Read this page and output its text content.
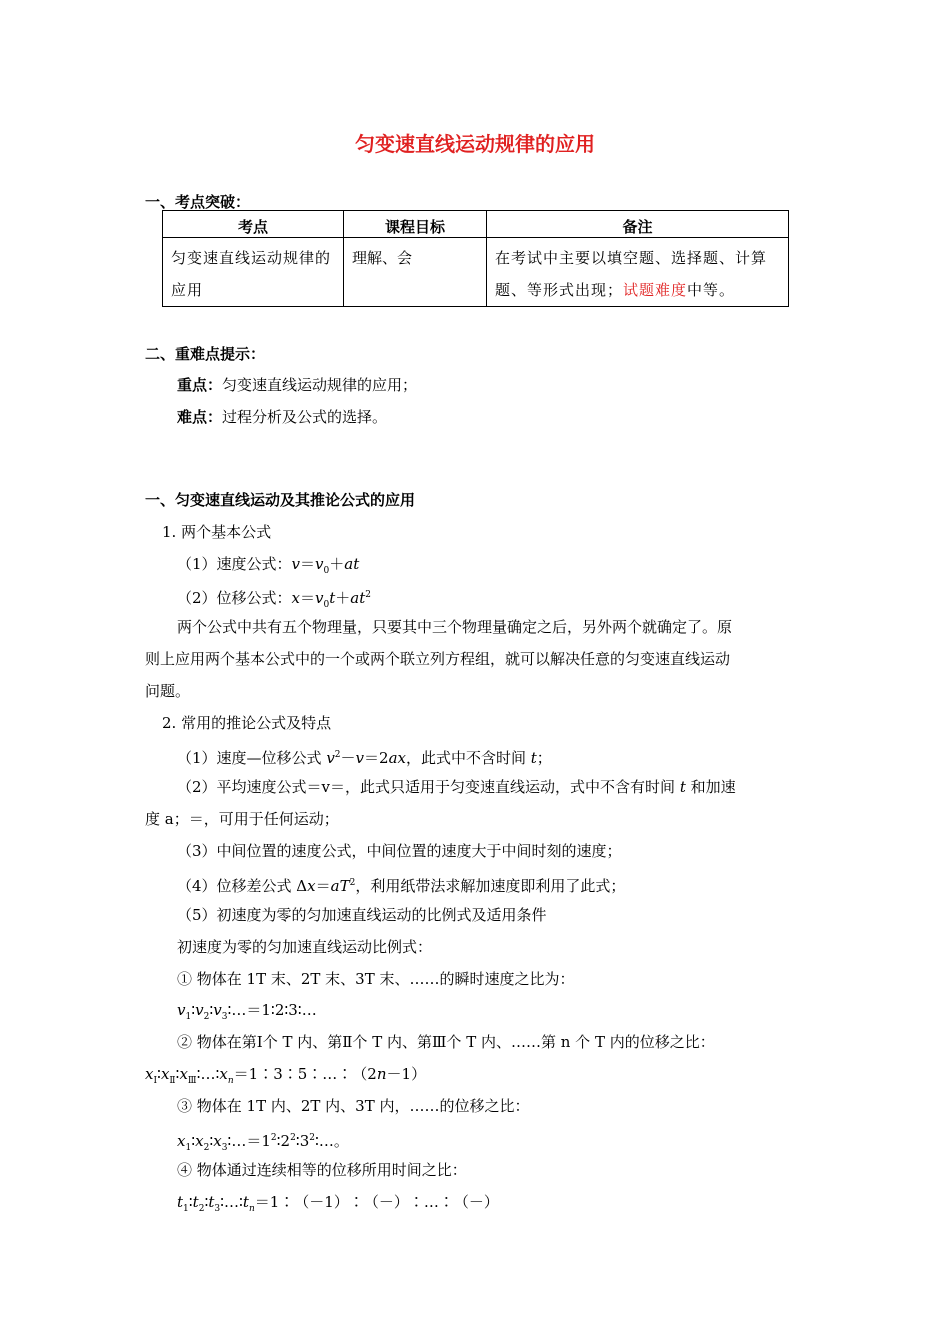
匀变速直线运动规律的应用
一、考点突破：
考点	课程目标	备注
匀变速直线运动规律的应用	理解、会	在考试中主要以填空题、选择题、计算题、等形式出现；试题难度中等。
二、重难点提示：
重点：匀变速直线运动规律的应用；
难点：过程分析及公式的选择。
一、匀变速直线运动及其推论公式的应用
1. 两个基本公式
（1）速度公式：$v=v_0+at$
（2）位移公式：$x=v_0t+at^2$
两个公式中共有五个物理量，只要其中三个物理量确定之后，另外两个就确定了。原
则上应用两个基本公式中的一个或两个联立列方程组，就可以解决任意的匀变速直线运动
问题。
2. 常用的推论公式及特点
（1）速度—位移公式 $v^2-v=2ax$，此式中不含时间 t；
（2）平均速度公式＝v＝，此式只适用于匀变速直线运动，式中不含有时间 t 和加速
度 a；＝，可用于任何运动；
（3）中间位置的速度公式，中间位置的速度大于中间时刻的速度；
（4）位移差公式 $\Delta x=aT^2$，利用纸带法求解加速度即利用了此式；
（5）初速度为零的匀加速直线运动的比例式及适用条件
初速度为零的匀加速直线运动比例式：
① 物体在 1T 末、2T 末、3T 末、……的瞬时速度之比为：
$v_1∶v_2∶v_3∶\dots=1∶2∶3∶\dots$
② 物体在第Ⅰ个 T 内、第Ⅱ个 T 内、第Ⅲ个 T 内、……第 n 个 T 内的位移之比：
$x_Ⅰ∶x_Ⅱ∶x_Ⅲ∶\dots∶x_n=1∶3∶5∶\dots∶(2n-1)$
③ 物体在 1T 内、2T 内、3T 内，……的位移之比：
$x_1∶x_2∶x_3∶\dots=1^2∶2^2∶3^2∶\dots$。
④ 物体通过连续相等的位移所用时间之比：
$t_1∶t_2∶t_3∶\dots∶t_n=1∶(-1)∶(-)∶\dots∶(-)$
